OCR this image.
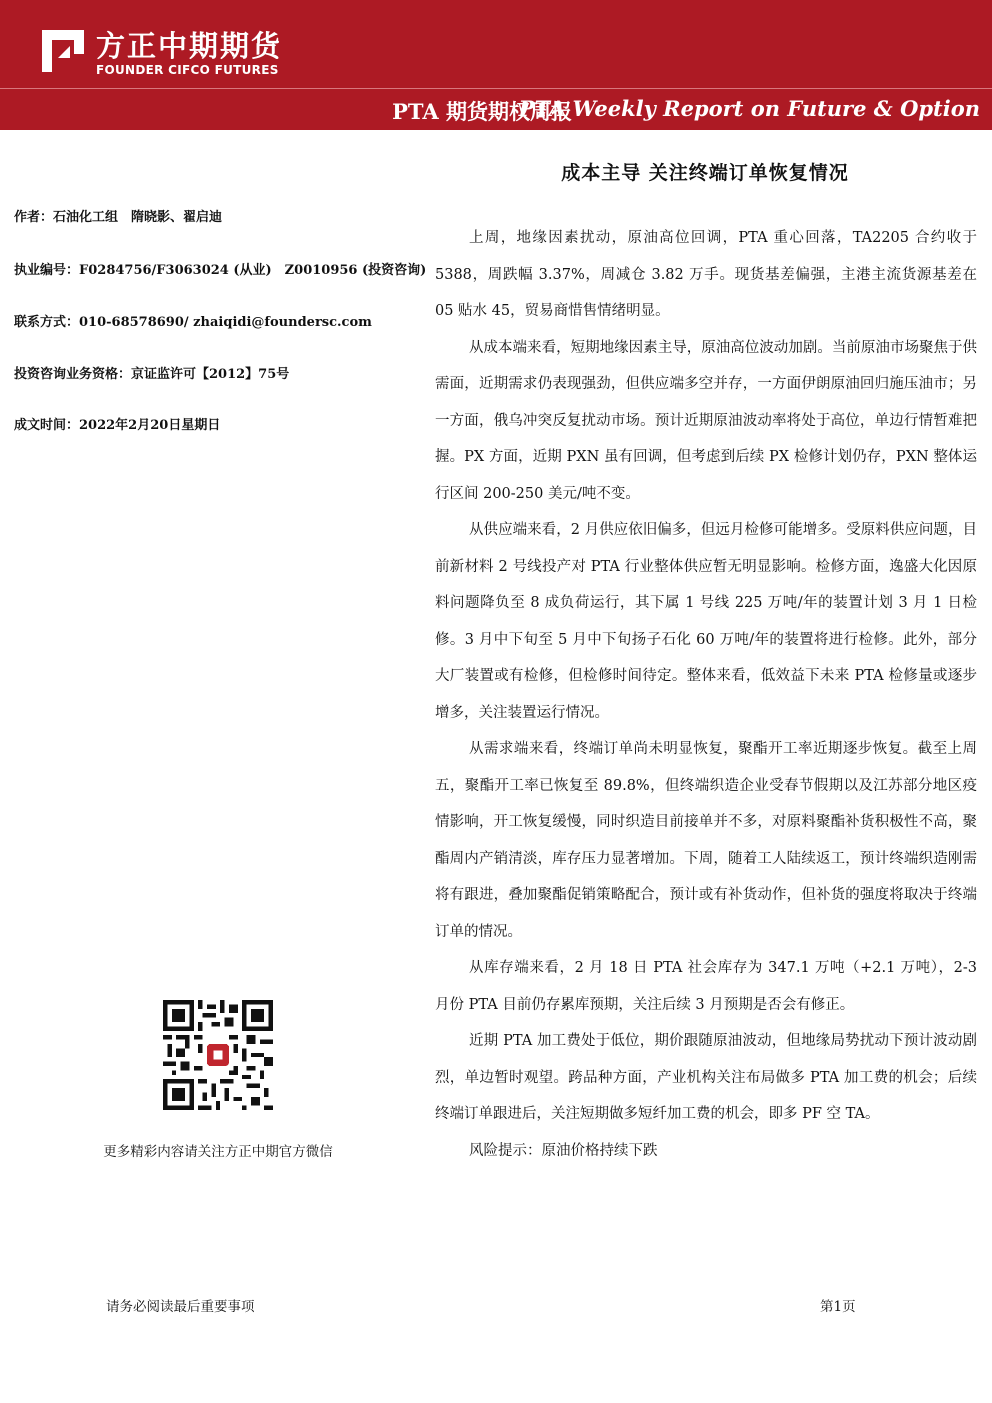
方正中期期货
FOUNDER CIFCO FUTURES
PTA 期货期权周报
PTA Weekly Report on Future & Option
成本主导 关注终端订单恢复情况
作者：石油化工组　隋晓影、翟启迪
执业编号：F0284756/F3063024 (从业)　Z0010956 (投资咨询)
联系方式：010-68578690/ zhaiqidi@foundersc.com
投资咨询业务资格：京证监许可【2012】75号
成文时间：2022年2月20日星期日

上周，地缘因素扰动，原油高位回调，PTA 重心回落，TA2205 合约收于 5388，周跌幅 3.37%，周减仓 3.82 万手。现货基差偏强，主港主流货源基差在 05 贴水 45，贸易商惜售情绪明显。

从成本端来看，短期地缘因素主导，原油高位波动加剧。当前原油市场聚焦于供需面，近期需求仍表现强劲，但供应端多空并存，一方面伊朗原油回归施压油市；另一方面，俄乌冲突反复扰动市场。预计近期原油波动率将处于高位，单边行情暂难把握。PX 方面，近期 PXN 虽有回调，但考虑到后续 PX 检修计划仍存，PXN 整体运行区间 200-250 美元/吨不变。

从供应端来看，2 月供应依旧偏多，但远月检修可能增多。受原料供应问题，目前新材料 2 号线投产对 PTA 行业整体供应暂无明显影响。检修方面，逸盛大化因原料问题降负至 8 成负荷运行，其下属 1 号线 225 万吨/年的装置计划 3 月 1 日检修。3 月中下旬至 5 月中下旬扬子石化 60 万吨/年的装置将进行检修。此外，部分大厂装置或有检修，但检修时间待定。整体来看，低效益下未来 PTA 检修量或逐步增多，关注装置运行情况。

从需求端来看，终端订单尚未明显恢复，聚酯开工率近期逐步恢复。截至上周五，聚酯开工率已恢复至 89.8%，但终端织造企业受春节假期以及江苏部分地区疫情影响，开工恢复缓慢，同时织造目前接单并不多，对原料聚酯补货积极性不高，聚酯周内产销清淡，库存压力显著增加。下周，随着工人陆续返工，预计终端织造刚需将有跟进，叠加聚酯促销策略配合，预计或有补货动作，但补货的强度将取决于终端订单的情况。

从库存端来看，2 月 18 日 PTA 社会库存为 347.1 万吨（+2.1 万吨），2-3 月份 PTA 目前仍存累库预期，关注后续 3 月预期是否会有修正。

近期 PTA 加工费处于低位，期价跟随原油波动，但地缘局势扰动下预计波动剧烈，单边暂时观望。跨品种方面，产业机构关注布局做多 PTA 加工费的机会；后续终端订单跟进后，关注短期做多短纤加工费的机会，即多 PF 空 TA。

风险提示：原油价格持续下跌

更多精彩内容请关注方正中期官方微信
请务必阅读最后重要事项	第1页
